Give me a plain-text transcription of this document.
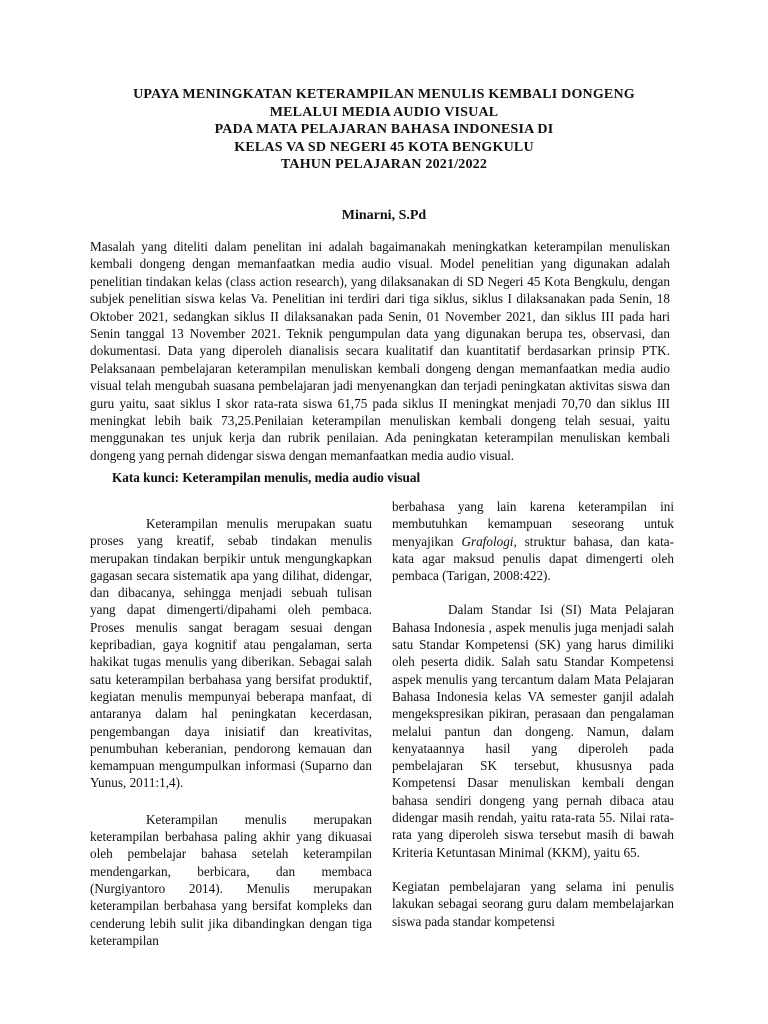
UPAYA MENINGKATAN KETERAMPILAN MENULIS KEMBALI DONGENG
MELALUI MEDIA AUDIO VISUAL
PADA MATA PELAJARAN BAHASA INDONESIA DI
KELAS VA SD NEGERI 45 KOTA BENGKULU
TAHUN PELAJARAN 2021/2022
Minarni, S.Pd

Masalah yang diteliti dalam penelitan ini adalah bagaimanakah meningkatkan keterampilan menuliskan kembali dongeng dengan memanfaatkan media audio visual. Model penelitian yang digunakan adalah penelitian tindakan kelas (class action research), yang dilaksanakan di SD Negeri 45 Kota Bengkulu, dengan subjek penelitian siswa kelas Va. Penelitian ini terdiri dari tiga siklus, siklus I dilaksanakan pada Senin, 18 Oktober 2021, sedangkan siklus II dilaksanakan pada Senin, 01 November 2021, dan siklus III pada hari Senin tanggal 13 November 2021. Teknik pengumpulan data yang digunakan berupa tes, observasi, dan dokumentasi. Data yang diperoleh dianalisis secara kualitatif dan kuantitatif berdasarkan prinsip PTK. Pelaksanaan pembelajaran keterampilan menuliskan kembali dongeng dengan memanfaatkan media audio visual telah mengubah suasana pembelajaran jadi menyenangkan dan terjadi peningkatan aktivitas siswa dan guru yaitu, saat siklus I skor rata-rata siswa 61,75 pada siklus II meningkat menjadi 70,70 dan siklus III meningkat lebih baik 73,25.Penilaian keterampilan menuliskan kembali dongeng telah sesuai, yaitu menggunakan tes unjuk kerja dan rubrik penilaian. Ada peningkatan keterampilan menuliskan kembali dongeng yang pernah didengar siswa dengan memanfaatkan media audio visual.

Kata kunci: Keterampilan menulis, media audio visual

Keterampilan menulis merupakan suatu proses yang kreatif, sebab tindakan menulis merupakan tindakan berpikir untuk mengungkapkan gagasan secara sistematik apa yang dilihat, didengar, dan dibacanya, sehingga menjadi sebuah tulisan yang dapat dimengerti/dipahami oleh pembaca. Proses menulis sangat beragam sesuai dengan kepribadian, gaya kognitif atau pengalaman, serta hakikat tugas menulis yang diberikan. Sebagai salah satu keterampilan berbahasa yang bersifat produktif, kegiatan menulis mempunyai beberapa manfaat, di antaranya dalam hal peningkatan kecerdasan, pengembangan daya inisiatif dan kreativitas, penumbuhan keberanian, pendorong kemauan dan kemampuan mengumpulkan informasi (Suparno dan Yunus, 2011:1,4).

Keterampilan menulis merupakan keterampilan berbahasa paling akhir yang dikuasai oleh pembelajar bahasa setelah keterampilan mendengarkan, berbicara, dan membaca (Nurgiyantoro 2014). Menulis merupakan keterampilan berbahasa yang bersifat kompleks dan cenderung lebih sulit jika dibandingkan dengan tiga keterampilan

berbahasa yang lain karena keterampilan ini membutuhkan kemampuan seseorang untuk menyajikan Grafologi, struktur bahasa, dan kata- kata agar maksud penulis dapat dimengerti oleh pembaca (Tarigan, 2008:422).

Dalam Standar Isi (SI) Mata Pelajaran Bahasa Indonesia , aspek menulis juga menjadi salah satu Standar Kompetensi (SK) yang harus dimiliki oleh peserta didik. Salah satu Standar Kompetensi aspek menulis yang tercantum dalam Mata Pelajaran Bahasa Indonesia kelas VA semester ganjil adalah mengekspresikan pikiran, perasaan dan pengalaman melalui pantun dan dongeng. Namun, dalam kenyataannya hasil yang diperoleh pada pembelajaran SK tersebut, khususnya pada Kompetensi Dasar menuliskan kembali dengan bahasa sendiri dongeng yang pernah dibaca atau didengar masih rendah, yaitu rata-rata 55. Nilai rata-rata yang diperoleh siswa tersebut masih di bawah Kriteria Ketuntasan Minimal (KKM), yaitu 65.

Kegiatan pembelajaran yang selama ini penulis lakukan sebagai seorang guru dalam membelajarkan siswa pada standar kompetensi
